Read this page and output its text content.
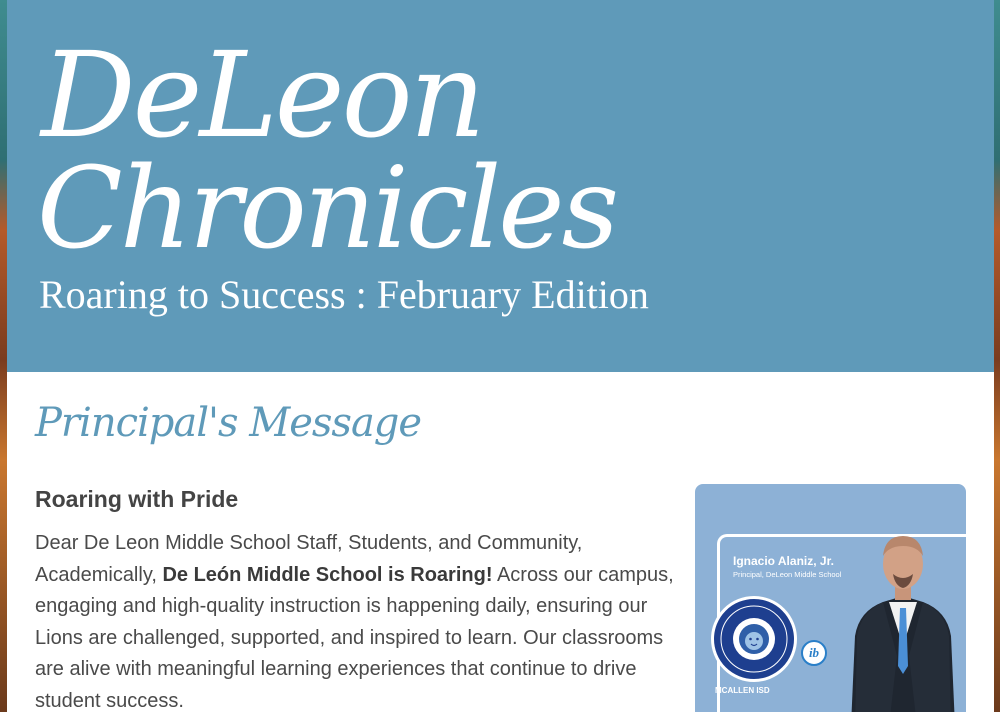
DeLeon
Chronicles
Roaring to Success : February Edition
Principal's Message
Roaring with Pride

Dear De Leon Middle School Staff, Students, and Community,

Academically, De León Middle School is Roaring! Across our campus, engaging and high-quality instruction is happening daily, ensuring our Lions are challenged, supported, and inspired to learn. Our classrooms are alive with meaningful learning experiences that continue to drive student success.

Ignacio Alaniz, Jr.
Principal, DeLeon Middle School
ib
MCALLEN ISD
